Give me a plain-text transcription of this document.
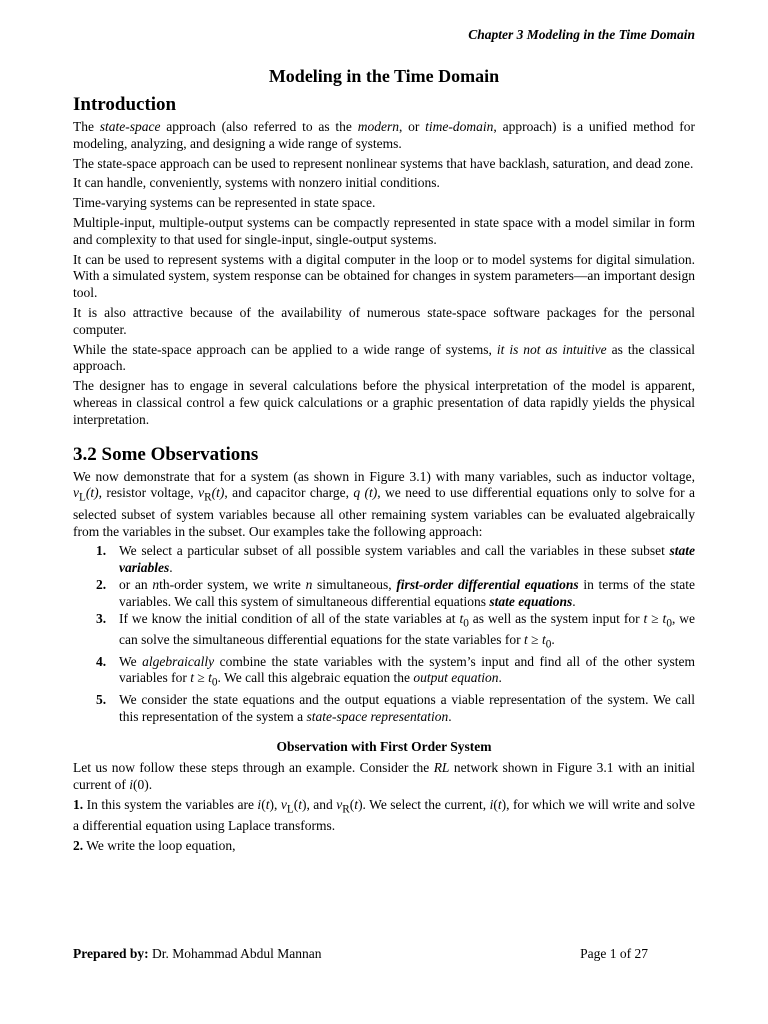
Chapter 3 Modeling in the Time Domain
Modeling in the Time Domain
Introduction

The state-space approach (also referred to as the modern, or time-domain, approach) is a unified method for modeling, analyzing, and designing a wide range of systems.

The state-space approach can be used to represent nonlinear systems that have backlash, saturation, and dead zone.

It can handle, conveniently, systems with nonzero initial conditions.

Time-varying systems can be represented in state space.

Multiple-input, multiple-output systems can be compactly represented in state space with a model similar in form and complexity to that used for single-input, single-output systems.

It can be used to represent systems with a digital computer in the loop or to model systems for digital simulation. With a simulated system, system response can be obtained for changes in system parameters—an important design tool.

It is also attractive because of the availability of numerous state-space software packages for the personal computer.

While the state-space approach can be applied to a wide range of systems, it is not as intuitive as the classical approach.

The designer has to engage in several calculations before the physical interpretation of the model is apparent, whereas in classical control a few quick calculations or a graphic presentation of data rapidly yields the physical interpretation.

3.2 Some Observations

We now demonstrate that for a system (as shown in Figure 3.1) with many variables, such as inductor voltage, $v_L(t)$, resistor voltage, $v_R(t)$, and capacitor charge, q (t), we need to use differential equations only to solve for a selected subset of system variables because all other remaining system variables can be evaluated algebraically from the variables in the subset. Our examples take the following approach:

1. We select a particular subset of all possible system variables and call the variables in these subset state variables.
2. or an nth-order system, we write n simultaneous, first-order differential equations in terms of the state variables. We call this system of simultaneous differential equations state equations.
3. If we know the initial condition of all of the state variables at $t_0$ as well as the system input for $t \ge t_0$, we can solve the simultaneous differential equations for the state variables for $t \ge t_0$.
4. We algebraically combine the state variables with the system’s input and find all of the other system variables for $t \ge t_0$. We call this algebraic equation the output equation.
5. We consider the state equations and the output equations a viable representation of the system. We call this representation of the system a state-space representation.
Observation with First Order System

Let us now follow these steps through an example. Consider the RL network shown in Figure 3.1 with an initial current of i(0).

1. In this system the variables are i(t), $v_L(t)$, and $v_R(t)$. We select the current, i(t), for which we will write and solve a differential equation using Laplace transforms.

2. We write the loop equation,

Prepared by: Dr. Mohammad Abdul Mannan	Page 1 of 27
